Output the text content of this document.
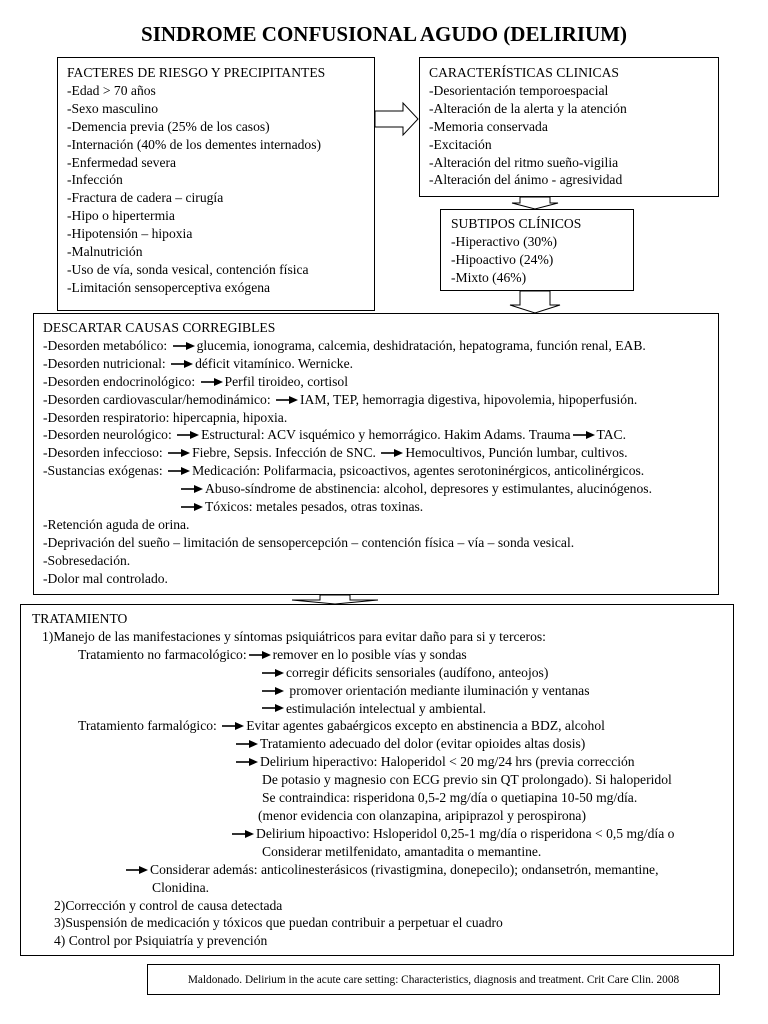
SINDROME CONFUSIONAL AGUDO (DELIRIUM)
FACTERES DE RIESGO Y PRECIPITANTES
-Edad > 70 años
-Sexo masculino
-Demencia previa (25% de los casos)
-Internación (40% de los dementes internados)
-Enfermedad severa
-Infección
-Fractura de cadera – cirugía
-Hipo o hipertermia
-Hipotensión – hipoxia
-Malnutrición
-Uso de vía, sonda vesical, contención física
-Limitación sensoperceptiva exógena
CARACTERÍSTICAS CLINICAS
-Desorientación temporoespacial
-Alteración de la alerta y la atención
-Memoria conservada
-Excitación
-Alteración del ritmo sueño-vigilia
-Alteración del ánimo - agresividad
SUBTIPOS CLÍNICOS
-Hiperactivo (30%)
-Hipoactivo (24%)
-Mixto (46%)
DESCARTAR CAUSAS CORREGIBLES
-Desorden metabólico: glucemia, ionograma, calcemia, deshidratación, hepatograma, función renal, EAB.
-Desorden nutricional: déficit vitamínico. Wernicke.
-Desorden endocrinológico: Perfil tiroideo, cortisol
-Desorden cardiovascular/hemodinámico: IAM, TEP, hemorragia digestiva, hipovolemia, hipoperfusión.
-Desorden respiratorio: hipercapnia, hipoxia.
-Desorden neurológico: Estructural: ACV isquémico y hemorrágico. Hakim Adams. Trauma TAC.
-Desorden infeccioso: Fiebre, Sepsis. Infección de SNC. Hemocultivos, Punción lumbar, cultivos.
-Sustancias exógenas: Medicación: Polifarmacia, psicoactivos, agentes serotoninérgicos, anticolinérgicos.
Abuso-síndrome de abstinencia: alcohol, depresores y estimulantes, alucinógenos.
Tóxicos: metales pesados, otras toxinas.
-Retención aguda de orina.
-Deprivación del sueño – limitación de sensopercepción – contención física – vía – sonda vesical.
-Sobresedación.
-Dolor mal controlado.
TRATAMIENTO
1)Manejo de las manifestaciones y síntomas psiquiátricos para evitar daño para si y terceros:
Tratamiento no farmacológico: remover en lo posible vías y sondas
corregir déficits sensoriales (audífono, anteojos)
promover orientación mediante iluminación y ventanas
estimulación intelectual y ambiental.
Tratamiento farmalógico: Evitar agentes gabaérgicos excepto en abstinencia a BDZ, alcohol
Tratamiento adecuado del dolor (evitar opioides altas dosis)
Delirium hiperactivo: Haloperidol < 20 mg/24 hrs (previa corrección
De potasio y magnesio con ECG previo sin QT prolongado). Si haloperidol
Se contraindica: risperidona 0,5-2 mg/día o quetiapina 10-50 mg/día.
(menor evidencia con olanzapina, aripiprazol y perospirona)
Delirium hipoactivo: Hsloperidol 0,25-1 mg/día o risperidona < 0,5 mg/día o
Considerar metilfenidato, amantadita o memantine.
Considerar además: anticolinesterásicos (rivastigmina, donepecilo); ondansetrón, memantine,
Clonidina.
2)Corrección y control de causa detectada
3)Suspensión de medicación y tóxicos que puedan contribuir a perpetuar el cuadro
4) Control por Psiquiatría y prevención
Maldonado. Delirium in the acute care setting: Characteristics, diagnosis and treatment. Crit Care Clin. 2008
